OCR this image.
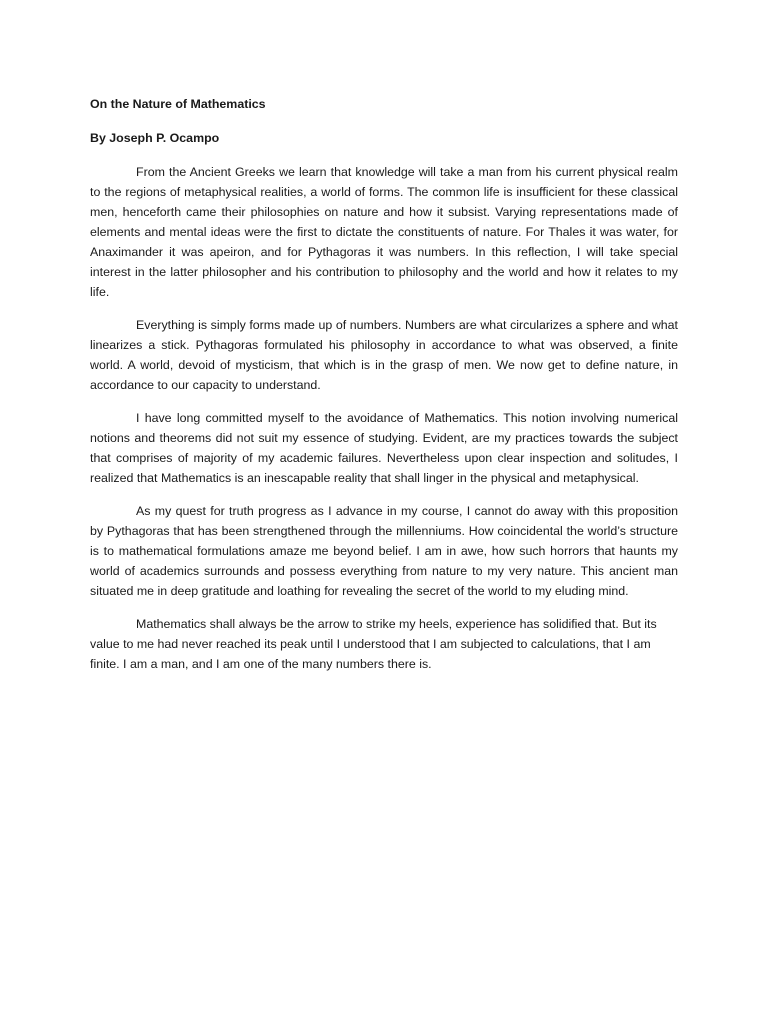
On the Nature of Mathematics
By Joseph P. Ocampo

From the Ancient Greeks we learn that knowledge will take a man from his current physical realm to the regions of metaphysical realities, a world of forms. The common life is insufficient for these classical men, henceforth came their philosophies on nature and how it subsist. Varying representations made of elements and mental ideas were the first to dictate the constituents of nature. For Thales it was water, for Anaximander it was apeiron, and for Pythagoras it was numbers. In this reflection, I will take special interest in the latter philosopher and his contribution to philosophy and the world and how it relates to my life.

Everything is simply forms made up of numbers. Numbers are what circularizes a sphere and what linearizes a stick. Pythagoras formulated his philosophy in accordance to what was observed, a finite world. A world, devoid of mysticism, that which is in the grasp of men. We now get to define nature, in accordance to our capacity to understand.

I have long committed myself to the avoidance of Mathematics. This notion involving numerical notions and theorems did not suit my essence of studying. Evident, are my practices towards the subject that comprises of majority of my academic failures. Nevertheless upon clear inspection and solitudes, I realized that Mathematics is an inescapable reality that shall linger in the physical and metaphysical.

As my quest for truth progress as I advance in my course, I cannot do away with this proposition by Pythagoras that has been strengthened through the millenniums. How coincidental the world’s structure is to mathematical formulations amaze me beyond belief. I am in awe, how such horrors that haunts my world of academics surrounds and possess everything from nature to my very nature. This ancient man situated me in deep gratitude and loathing for revealing the secret of the world to my eluding mind.

Mathematics shall always be the arrow to strike my heels, experience has solidified that. But its value to me had never reached its peak until I understood that I am subjected to calculations, that I am finite. I am a man, and I am one of the many numbers there is.
